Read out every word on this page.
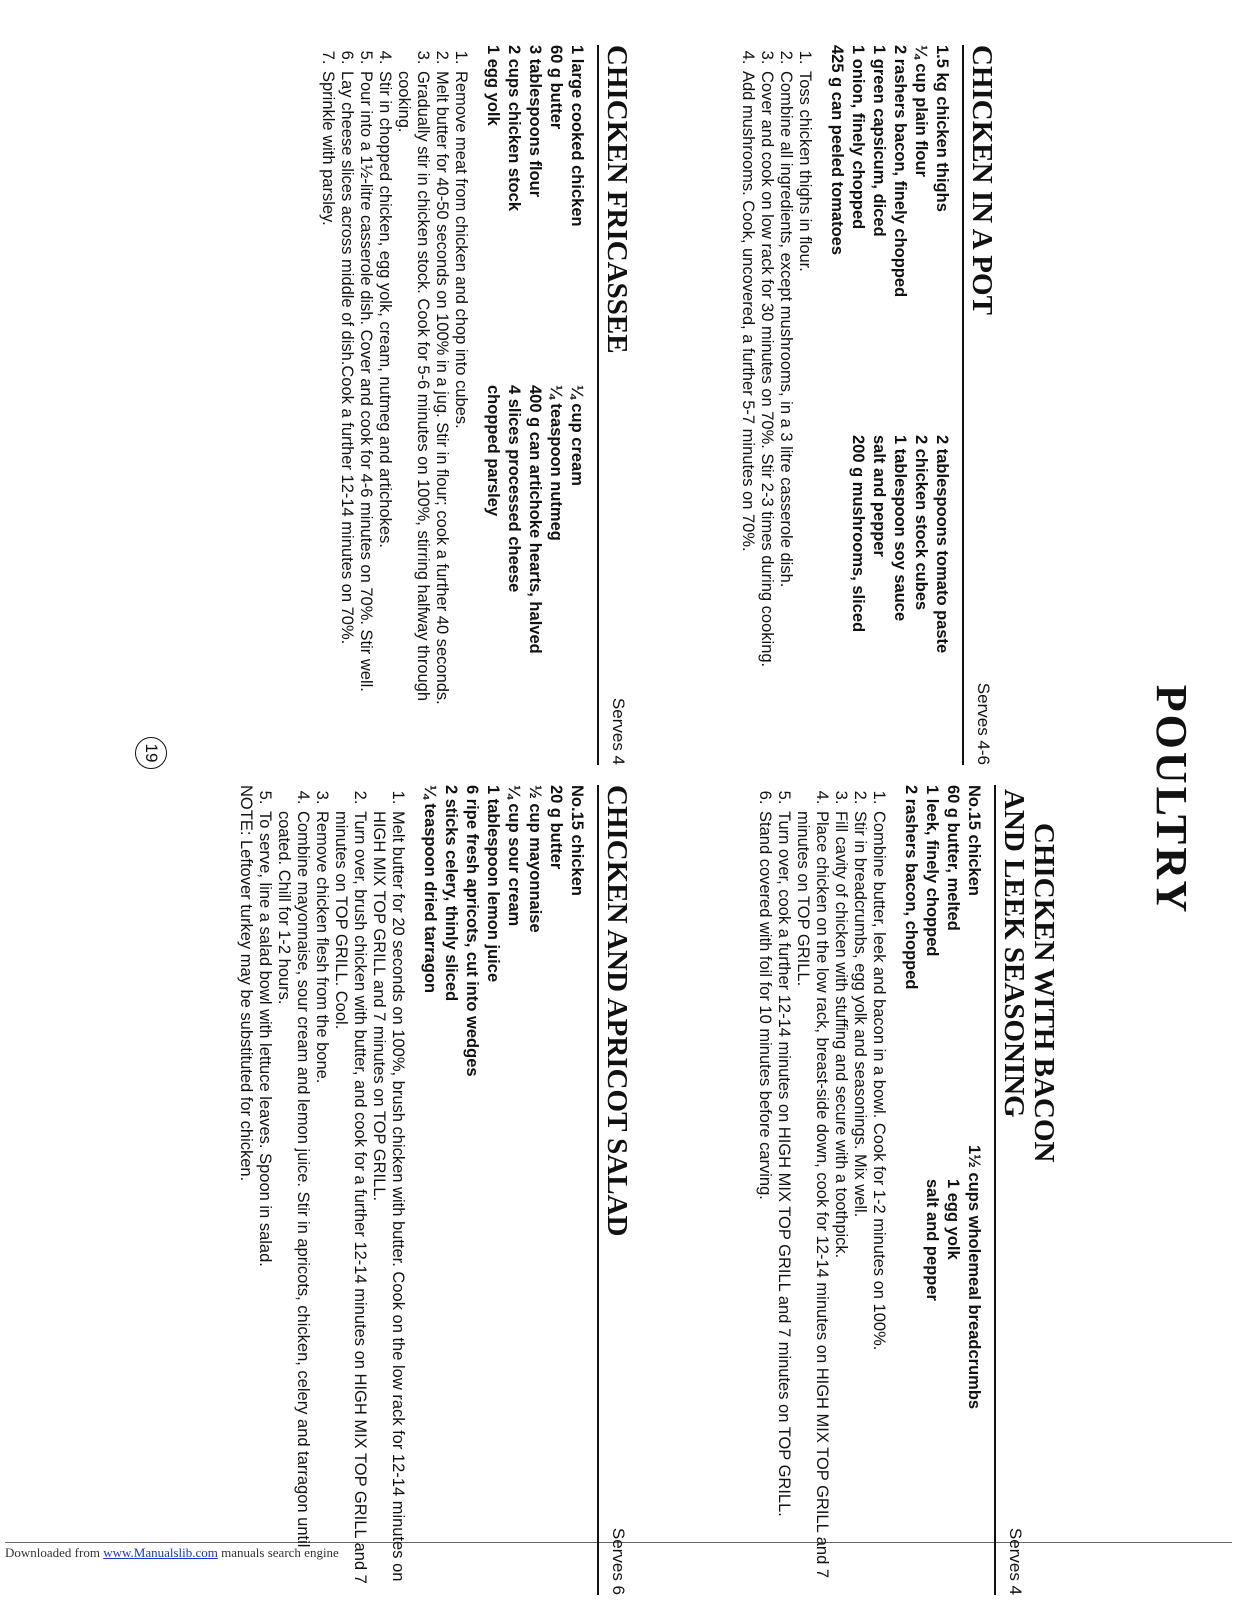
Downloaded from www.Manualslib.com manuals search engine
POULTRY
CHICKEN IN A POT
Serves 4-6
1.5 kg chicken thighs
¼ cup plain flour
2 rashers bacon, finely chopped
1 green capsicum, diced
1 onion, finely chopped
425 g can peeled tomatoes
2 tablespoons tomato paste
2 chicken stock cubes
1 tablespoon soy sauce
salt and pepper
200 g mushrooms, sliced
1. Toss chicken thighs in flour.
2. Combine all ingredients, except mushrooms, in a 3 litre casserole dish.
3. Cover and cook on low rack for 30 minutes on 70%. Stir 2-3 times during cooking.
4. Add mushrooms. Cook, uncovered, a further 5-7 minutes on 70%.
CHICKEN FRICASSEE
Serves 4
1 large cooked chicken
60 g butter
3 tablespoons flour
2 cups chicken stock
1 egg yolk
¼ cup cream
¼ teaspoon nutmeg
400 g can artichoke hearts, halved
4 slices processed cheese
chopped parsley
1. Remove meat from chicken and chop into cubes.
2. Melt butter for 40-50 seconds on 100% in a jug. Stir in flour; cook a further 40 seconds.
3. Gradually stir in chicken stock. Cook for 5-6 minutes on 100%, stirring halfway through cooking.
4. Stir in chopped chicken, egg yolk, cream, nutmeg and artichokes.
5. Pour into a 1½-litre casserole dish. Cover and cook for 4-6 minutes on 70%. Stir well.
6. Lay cheese slices across middle of dish.Cook a further 12-14 minutes on 70%.
7. Sprinkle with parsley.
CHICKEN WITH BACON
AND LEEK SEASONING
Serves 4
No.15 chicken
60 g butter, melted
1 leek, finely chopped
2 rashers bacon, chopped
1½ cups wholemeal breadcrumbs
1 egg yolk
salt and pepper
1. Combine butter, leek and bacon in a bowl. Cook for 1-2 minutes on 100%.
2. Stir in breadcrumbs, egg yolk and seasonings. Mix well.
3. Fill cavity of chicken with stuffing and secure with a toothpick.
4. Place chicken on the low rack, breast-side down, cook for 12-14 minutes on HIGH MIX TOP GRILL and 7 minutes on TOP GRILL.
5. Turn over, cook a further 12-14 minutes on HIGH MIX TOP GRILL and 7 minutes on TOP GRILL.
6. Stand covered with foil for 10 minutes before carving.
CHICKEN AND APRICOT SALAD
Serves 6
No.15 chicken
20 g butter
½ cup mayonnaise
¼ cup sour cream
1 tablespoon lemon juice
6 ripe fresh apricots, cut into wedges
2 sticks celery, thinly sliced
¼ teaspoon dried tarragon
1. Melt butter for 20 seconds on 100%, brush chicken with butter. Cook on the low rack for 12-14 minutes on HIGH MIX TOP GRILL and 7 minutes on TOP GRILL.
2. Turn over, brush chicken with butter, and cook for a further 12-14 minutes on HIGH MIX TOP GRILL and 7 minutes on TOP GRILL. Cool.
3. Remove chicken flesh from the bone.
4. Combine mayonnaise, sour cream and lemon juice. Stir in apricots, chicken, celery and tarragon until coated. Chill for 1-2 hours.
5. To serve, line a salad bowl with lettuce leaves. Spoon in salad.
NOTE: Leftover turkey may be substituted for chicken.
19
